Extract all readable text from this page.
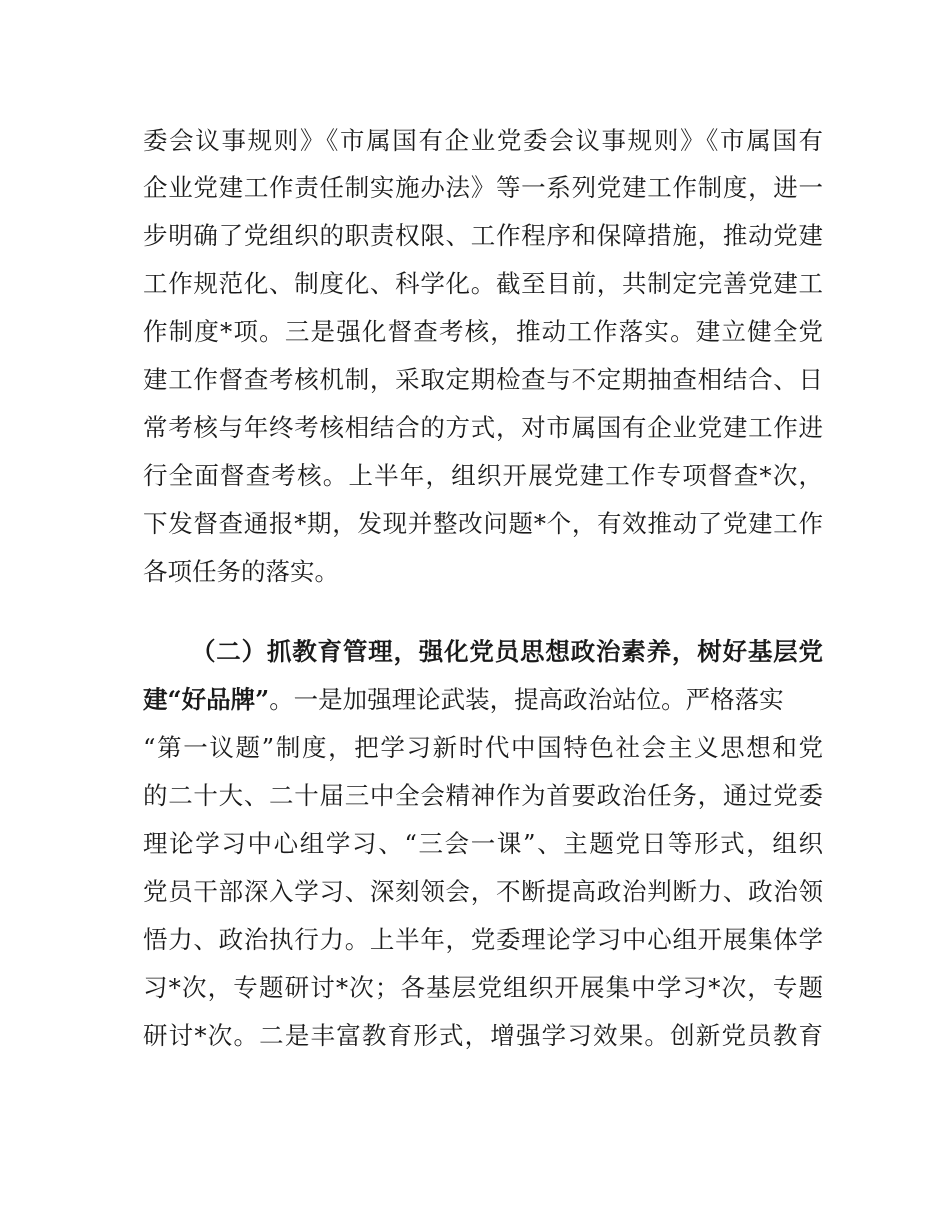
委会议事规则》《市属国有企业党委会议事规则》《市属国有
企业党建工作责任制实施办法》等一系列党建工作制度，进一
步明确了党组织的职责权限、工作程序和保障措施，推动党建
工作规范化、制度化、科学化。截至目前，共制定完善党建工
作制度*项。三是强化督查考核，推动工作落实。建立健全党
建工作督查考核机制，采取定期检查与不定期抽查相结合、日
常考核与年终考核相结合的方式，对市属国有企业党建工作进
行全面督查考核。上半年，组织开展党建工作专项督查*次，
下发督查通报*期，发现并整改问题*个，有效推动了党建工作
各项任务的落实。
（二）抓教育管理，强化党员思想政治素养，树好基层党
建“好品牌”。一是加强理论武装，提高政治站位。严格落实
“第一议题”制度，把学习新时代中国特色社会主义思想和党
的二十大、二十届三中全会精神作为首要政治任务，通过党委
理论学习中心组学习、“三会一课”、主题党日等形式，组织
党员干部深入学习、深刻领会，不断提高政治判断力、政治领
悟力、政治执行力。上半年，党委理论学习中心组开展集体学
习*次，专题研讨*次；各基层党组织开展集中学习*次，专题
研讨*次。二是丰富教育形式，增强学习效果。创新党员教育
